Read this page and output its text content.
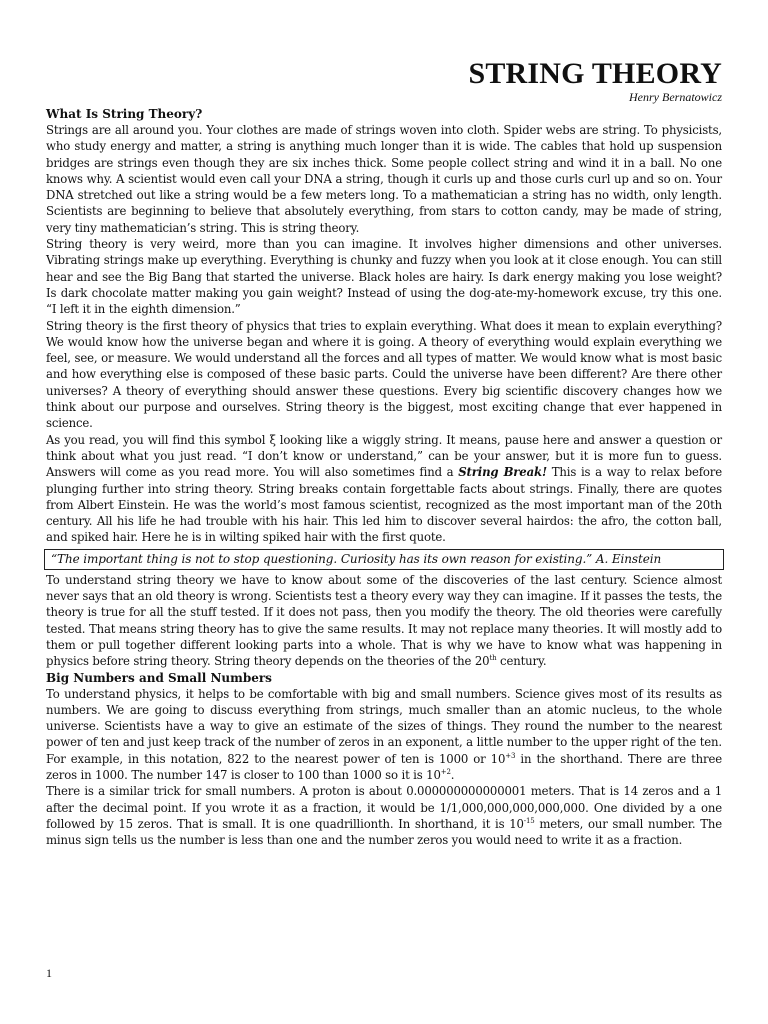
STRING THEORY
Henry Bernatowicz
What Is String Theory?

Strings are all around you. Your clothes are made of strings woven into cloth. Spider webs are string. To physicists, who study energy and matter, a string is anything much longer than it is wide. The cables that hold up suspension bridges are strings even though they are six inches thick. Some people collect string and wind it in a ball. No one knows why. A scientist would even call your DNA a string, though it curls up and those curls curl up and so on. Your DNA stretched out like a string would be a few meters long. To a mathematician a string has no width, only length. Scientists are beginning to believe that absolutely everything, from stars to cotton candy, may be made of string, very tiny mathematician’s string. This is string theory.

String theory is very weird, more than you can imagine. It involves higher dimensions and other universes. Vibrating strings make up everything. Everything is chunky and fuzzy when you look at it close enough. You can still hear and see the Big Bang that started the universe. Black holes are hairy. Is dark energy making you lose weight? Is dark chocolate matter making you gain weight? Instead of using the dog-ate-my-homework excuse, try this one. “I left it in the eighth dimension.”

String theory is the first theory of physics that tries to explain everything. What does it mean to explain everything? We would know how the universe began and where it is going. A theory of everything would explain everything we feel, see, or measure. We would understand all the forces and all types of matter. We would know what is most basic and how everything else is composed of these basic parts. Could the universe have been different? Are there other universes? A theory of everything should answer these questions. Every big scientific discovery changes how we think about our purpose and ourselves. String theory is the biggest, most exciting change that ever happened in science.

As you read, you will find this symbol ξ looking like a wiggly string. It means, pause here and answer a question or think about what you just read. “I don’t know or understand,” can be your answer, but it is more fun to guess. Answers will come as you read more. You will also sometimes find a String Break! This is a way to relax before plunging further into string theory. String breaks contain forgettable facts about strings. Finally, there are quotes from Albert Einstein. He was the world’s most famous scientist, recognized as the most important man of the 20th century. All his life he had trouble with his hair. This led him to discover several hairdos: the afro, the cotton ball, and spiked hair. Here he is in wilting spiked hair with the first quote.

“The important thing is not to stop questioning. Curiosity has its own reason for existing.” A. Einstein

To understand string theory we have to know about some of the discoveries of the last century. Science almost never says that an old theory is wrong. Scientists test a theory every way they can imagine. If it passes the tests, the theory is true for all the stuff tested. If it does not pass, then you modify the theory. The old theories were carefully tested. That means string theory has to give the same results. It may not replace many theories. It will mostly add to them or pull together different looking parts into a whole. That is why we have to know what was happening in physics before string theory. String theory depends on the theories of the 20th century.

Big Numbers and Small Numbers

To understand physics, it helps to be comfortable with big and small numbers. Science gives most of its results as numbers. We are going to discuss everything from strings, much smaller than an atomic nucleus, to the whole universe. Scientists have a way to give an estimate of the sizes of things. They round the number to the nearest power of ten and just keep track of the number of zeros in an exponent, a little number to the upper right of the ten. For example, in this notation, 822 to the nearest power of ten is 1000 or $10^{+3}$ in the shorthand. There are three zeros in 1000. The number 147 is closer to 100 than 1000 so it is $10^{+2}$.

There is a similar trick for small numbers. A proton is about 0.000000000000001 meters. That is 14 zeros and a 1 after the decimal point. If you wrote it as a fraction, it would be 1/1,000,000,000,000,000. One divided by a one followed by 15 zeros. That is small. It is one quadrillionth. In shorthand, it is $10^{-15}$ meters, our small number. The minus sign tells us the number is less than one and the number zeros you would need to write it as a fraction.

1
